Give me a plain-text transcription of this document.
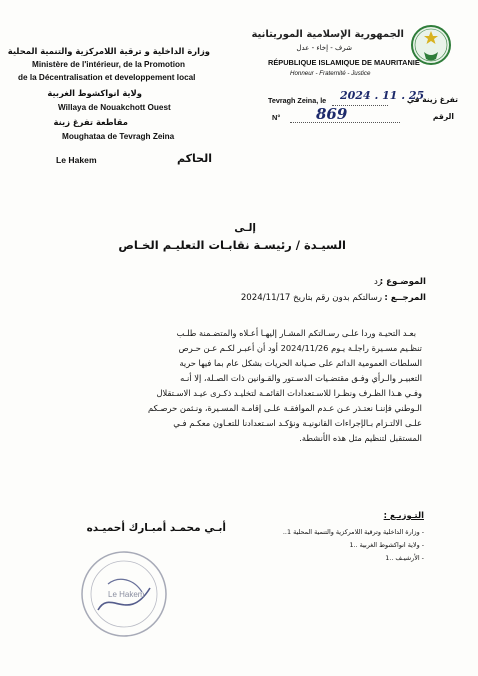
وزارة الداخلية و ترقية اللامركزية والتنمية المحلية
Ministère de l'intérieur, de la Promotion
de la Décentralisation et developpement local
ولاية انواكشوط الغربية
Willaya de Nouakchott Ouest
مقاطعة تفرغ زينة
Moughataa de Tevragh Zeina
Le Hakem	الحاكم
الجمهورية الإسلامية الموريتانية
شرف - إخاء - عدل
RÉPUBLIQUE ISLAMIQUE DE MAURITANIE
Honneur - Fraternité - Justice
Tevragh Zeina, le 2024 . 11 . 25
تفرغ زينة في
N° 869	الرقم
إلـى
السيـدة / رئيسـة نقابـات التعليـم الخـاص
الموضـوع :
رد
المرجــع :
رسالتكم بدون رقم بتاريخ 2024/11/17
بعـد التحيـة وردا علـى رسـالتكم المشـار إليهـا أعـلاه والمتضـمنة طلـب
تنظـيم مسـيرة راجلـة يـوم 2024/11/26 أود أن أعبـر لكـم عـن حـرص
السلطات العمومية الدائم على صـيانة الحريات بشكل عام بما فيها حرية
التعبيـر والـرأي وفـق مقتضـيات الدسـتور والقـوانين ذات الصـلة، إلا أنـه
وفـي هـذا الظـرف ونظـرا للاسـتعدادات القائمـة لتخليـد ذكـرى عيـد الاسـتقلال
الـوطني فإننـا نعتـذر عـن عـدم الموافقـة علـى إقامـة المسـيرة، ونـثمن حرصـكم
علـى الالتـزام بـالإجراءات القانونيـة ونؤكـد اسـتعدادنا للتعـاون معكـم فـي
المستقبل لتنظيم مثل هذه الأنشطة.
التـوزيـع :
- وزارة الداخلية وترقية اللامركزية والتنمية المحلية 1..
- ولاية انواكشوط الغربية ..1
- الأرشيـف ..1
أبـي محمـد أمبـارك أحميـده
Le Hakem
